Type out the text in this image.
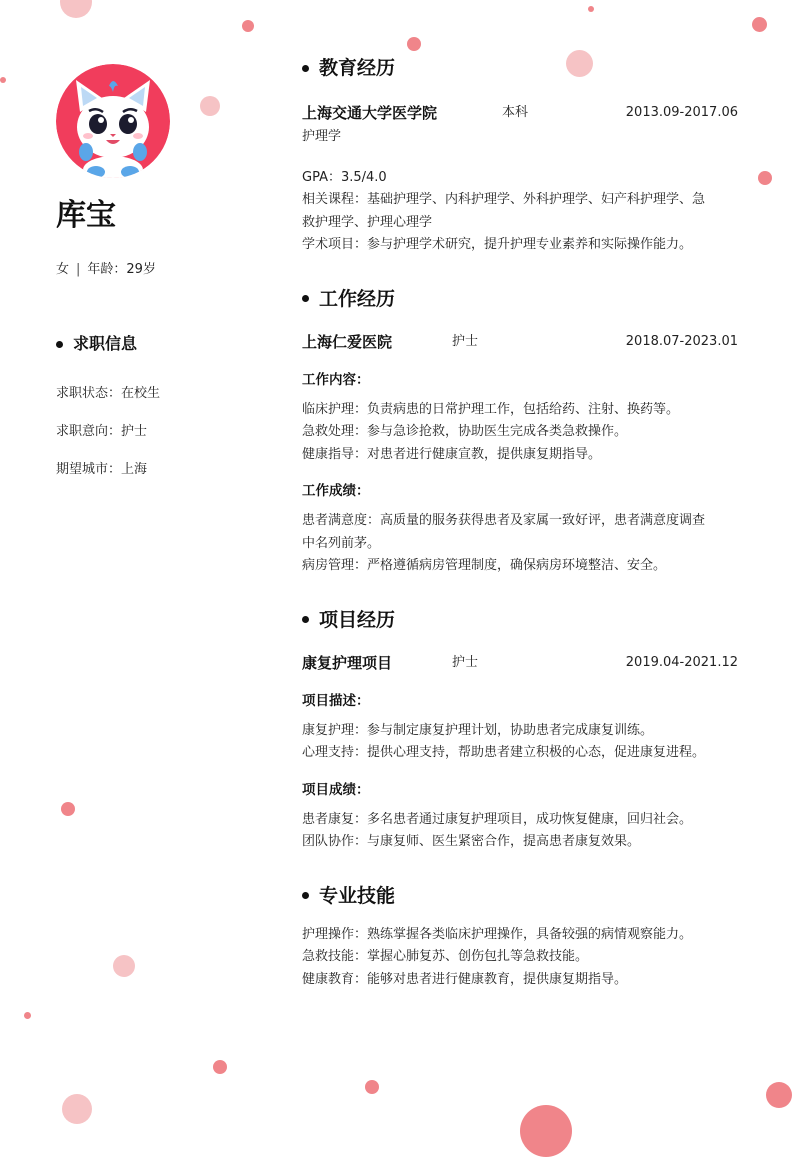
库宝
女 | 年龄：29岁
求职信息
求职状态：在校生
求职意向：护士
期望城市：上海
教育经历
上海交通大学医学院	本科	2013.09-2017.06
护理学
GPA：3.5/4.0
相关课程：基础护理学、内科护理学、外科护理学、妇产科护理学、急
救护理学、护理心理学
学术项目：参与护理学术研究，提升护理专业素养和实际操作能力。
工作经历
上海仁爱医院	护士	2018.07-2023.01
工作内容：
临床护理：负责病患的日常护理工作，包括给药、注射、换药等。
急救处理：参与急诊抢救，协助医生完成各类急救操作。
健康指导：对患者进行健康宣教，提供康复期指导。
工作成绩：
患者满意度：高质量的服务获得患者及家属一致好评，患者满意度调查
中名列前茅。
病房管理：严格遵循病房管理制度，确保病房环境整洁、安全。
项目经历
康复护理项目	护士	2019.04-2021.12
项目描述：
康复护理：参与制定康复护理计划，协助患者完成康复训练。
心理支持：提供心理支持，帮助患者建立积极的心态，促进康复进程。
项目成绩：
患者康复：多名患者通过康复护理项目，成功恢复健康，回归社会。
团队协作：与康复师、医生紧密合作，提高患者康复效果。
专业技能
护理操作：熟练掌握各类临床护理操作，具备较强的病情观察能力。
急救技能：掌握心肺复苏、创伤包扎等急救技能。
健康教育：能够对患者进行健康教育，提供康复期指导。
